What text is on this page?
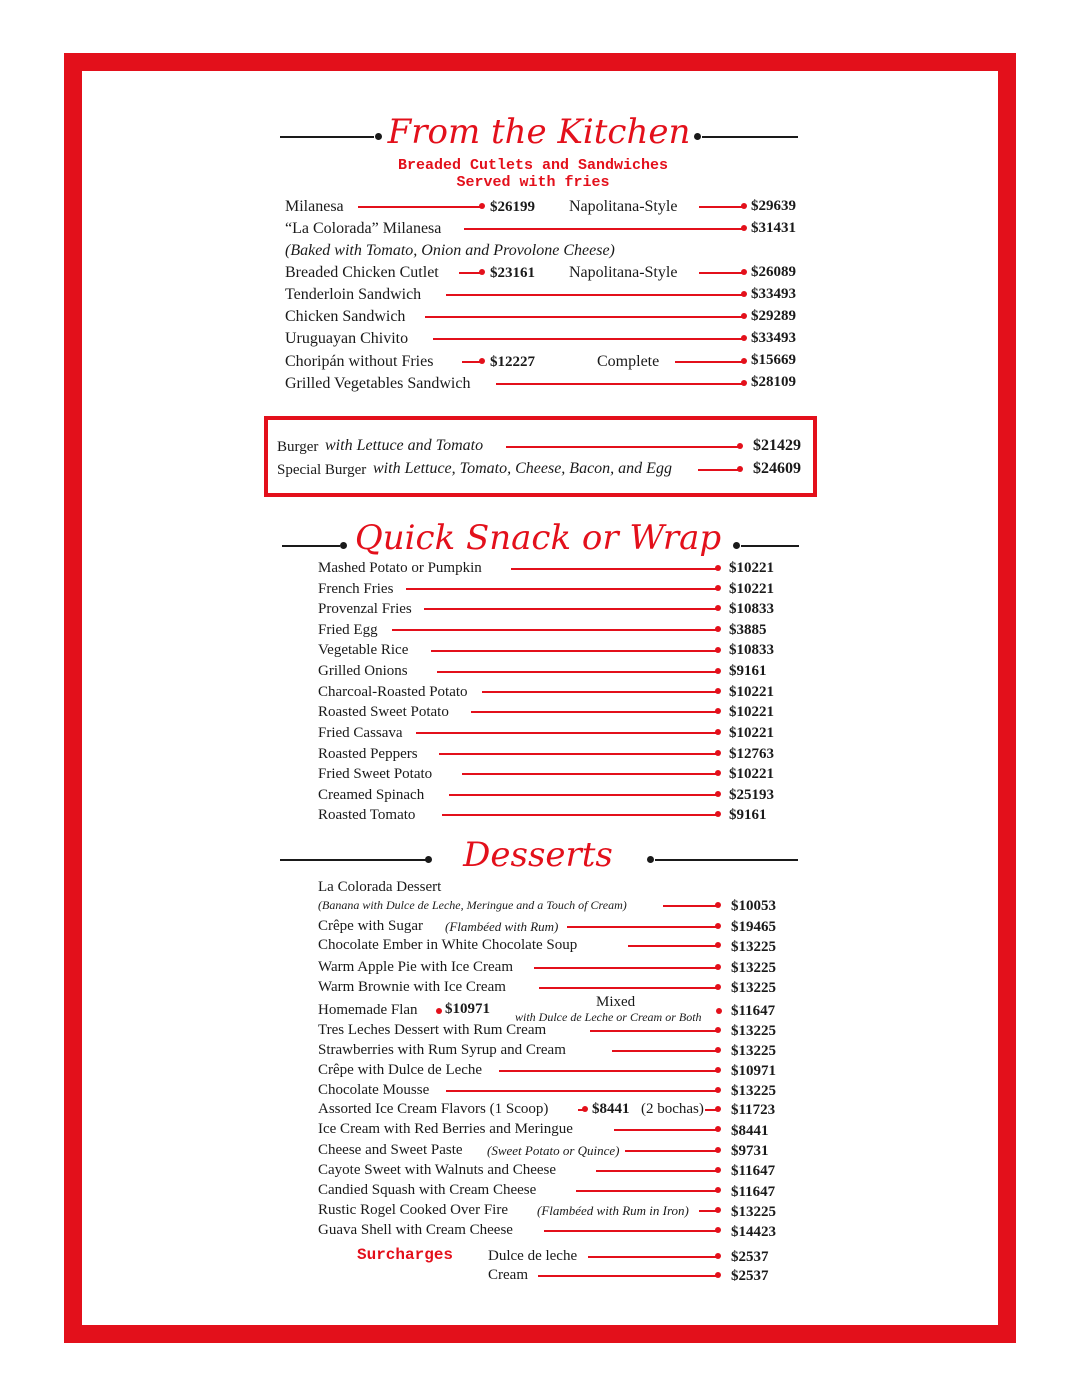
From the Kitchen
Breaded Cutlets and Sandwiches
Served with fries
Milanesa	$26199 Napolitana-Style	$29639
“La Colorada” Milanesa	$31431
(Baked with Tomato, Onion and Provolone Cheese)
Breaded Chicken Cutlet	$23161 Napolitana-Style	$26089
Tenderloin Sandwich	$33493
Chicken Sandwich	$29289
Uruguayan Chivito	$33493
Choripán without Fries	$12227	Complete	$15669
Grilled Vegetables Sandwich	$28109
Burger with Lettuce and Tomato	$21429
Special Burger with Lettuce, Tomato, Cheese, Bacon, and Egg	$24609
Quick Snack or Wrap
Mashed Potato or Pumpkin	$10221
French Fries	$10221
Provenzal Fries	$10833
Fried Egg	$3885
Vegetable Rice	$10833
Grilled Onions	$9161
Charcoal-Roasted Potato	$10221
Roasted Sweet Potato	$10221
Fried Cassava	$10221
Roasted Peppers	$12763
Fried Sweet Potato	$10221
Creamed Spinach	$25193
Roasted Tomato	$9161
Desserts
La Colorada Dessert
(Banana with Dulce de Leche, Meringue and a Touch of Cream)	$10053
Crêpe with Sugar (Flambéed with Rum)	$19465
Chocolate Ember in White Chocolate Soup	$13225
Warm Apple Pie with Ice Cream	$13225
Warm Brownie with Ice Cream	$13225
Homemade Flan $10971	Mixed
with Dulce de Leche or Cream or Both $11647
Tres Leches Dessert with Rum Cream	$13225
Strawberries with Rum Syrup and Cream	$13225
Crêpe with Dulce de Leche	$10971
Chocolate Mousse	$13225
Assorted Ice Cream Flavors (1 Scoop)	$8441 (2 bochas) $11723
Ice Cream with Red Berries and Meringue	$8441
Cheese and Sweet Paste (Sweet Potato or Quince)	$9731
Cayote Sweet with Walnuts and Cheese	$11647
Candied Squash with Cream Cheese	$11647
Rustic Rogel Cooked Over Fire (Flambéed with Rum in Iron)	$13225
Guava Shell with Cream Cheese	$14423
Surcharges Dulce de leche	$2537
Cream	$2537
